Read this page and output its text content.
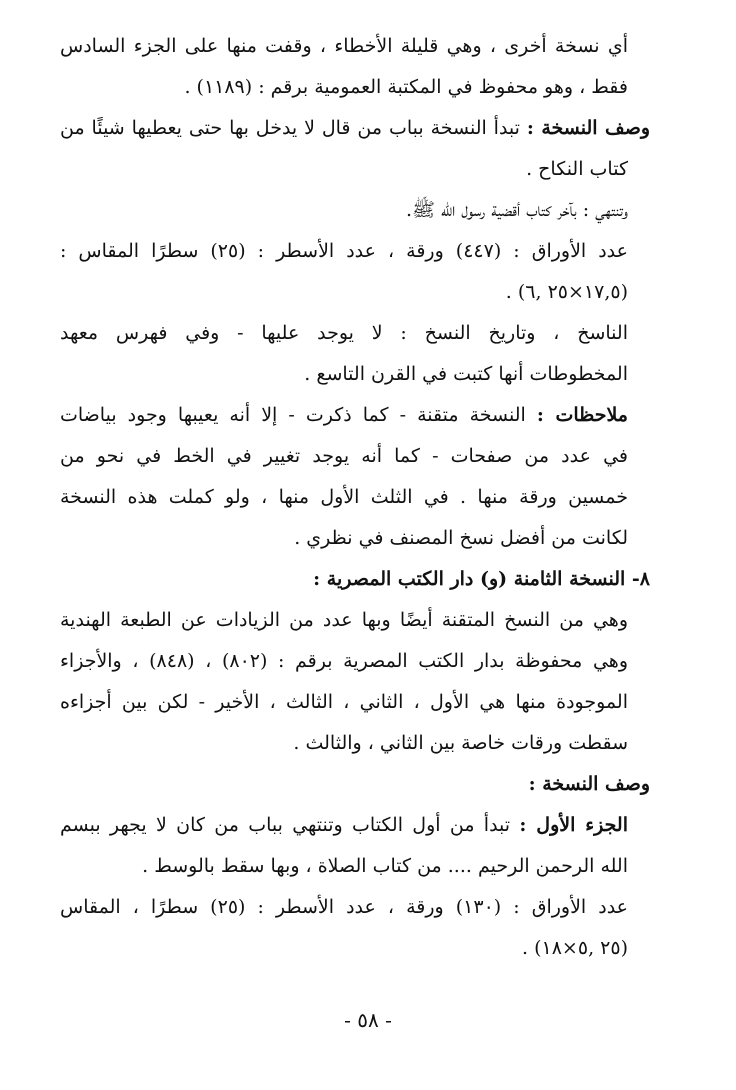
أي نسخة أخرى ، وهي قليلة الأخطاء ، وقفت منها على الجزء السادس
فقط ، وهو محفوظ في المكتبة العمومية برقم : (١١٨٩) .
وصف النسخة : تبدأ النسخة بباب من قال لا يدخل بها حتى يعطيها شيئًا من
كتاب النكاح .
وتنتهي : بآخر كتاب أقضية رسول الله ﷺ.
عدد الأوراق : (٤٤٧) ورقة ، عدد الأسطر : (٢٥) سطرًا المقاس :
(١٧,٥×٢٥ ,٦) .
الناسخ ، وتاريخ النسخ : لا يوجد عليها - وفي فهرس معهد
المخطوطات أنها كتبت في القرن التاسع .
ملاحظات : النسخة متقنة - كما ذكرت - إلا أنه يعيبها وجود بياضات
في عدد من صفحات - كما أنه يوجد تغيير في الخط في نحو من
خمسين ورقة منها . في الثلث الأول منها ، ولو كملت هذه النسخة
لكانت من أفضل نسخ المصنف في نظري .
٨- النسخة الثامنة (و) دار الكتب المصرية :
وهي من النسخ المتقنة أيضًا وبها عدد من الزيادات عن الطبعة الهندية
وهي محفوظة بدار الكتب المصرية برقم : (٨٠٢) ، (٨٤٨) ، والأجزاء
الموجودة منها هي الأول ، الثاني ، الثالث ، الأخير - لكن بين أجزاءه
سقطت ورقات خاصة بين الثاني ، والثالث .
وصف النسخة :
الجزء الأول : تبدأ من أول الكتاب وتنتهي بباب من كان لا يجهر ببسم
الله الرحمن الرحيم .... من كتاب الصلاة ، وبها سقط بالوسط .
عدد الأوراق : (١٣٠) ورقة ، عدد الأسطر : (٢٥) سطرًا ، المقاس
(٢٥ ,٥×١٨) .
- ٥٨ -
